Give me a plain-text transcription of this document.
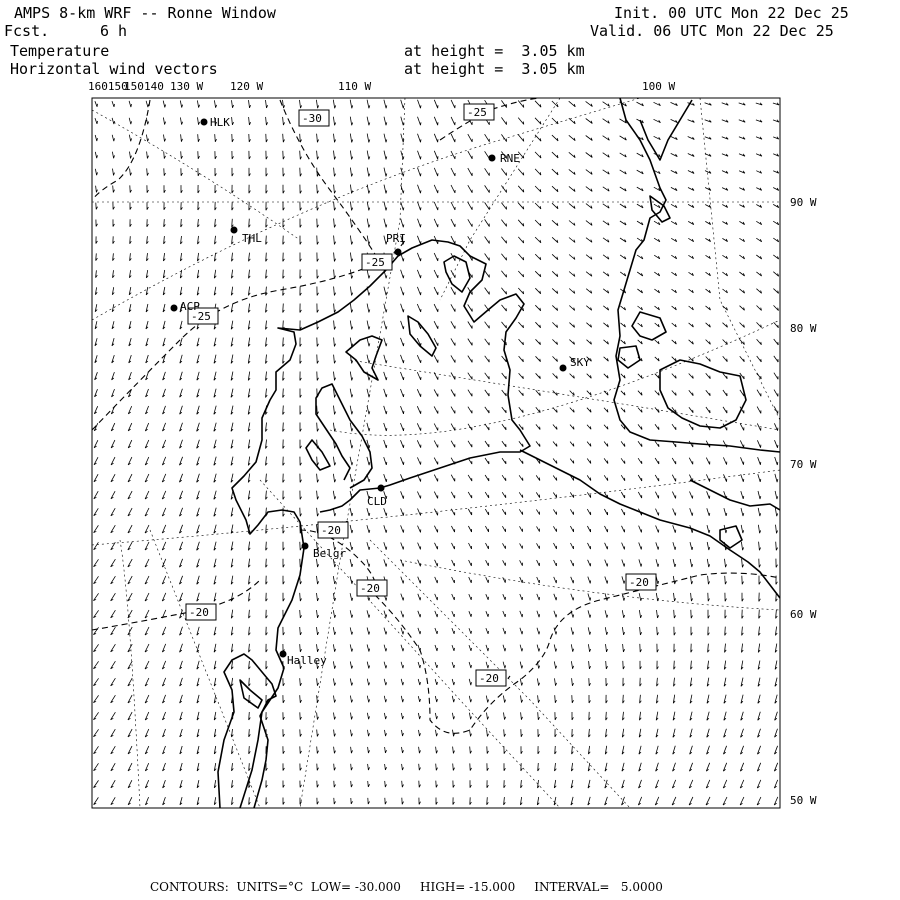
AMPS 8-km WRF -- Ronne Window
Fcst.	6 h
Init. 00 UTC Mon 22 Dec 25
Valid. 06 UTC Mon 22 Dec 25
Temperature
Horizontal wind vectors
at height =  3.05 km
at height =  3.05 km
-30	-25
-25
-25
-20
-20
-20
-20
-20
HLK
RNE
THL	PRI
SKY
CLD
Belgr
Halley
ACP
160150
150 140 130 W 120 W	110 W	100 W
90 W
80 W
70 W
60 W
50 W
CONTOURS: UNITS=°C LOW= -30.000 HIGH= -15.000 INTERVAL=   5.0000
